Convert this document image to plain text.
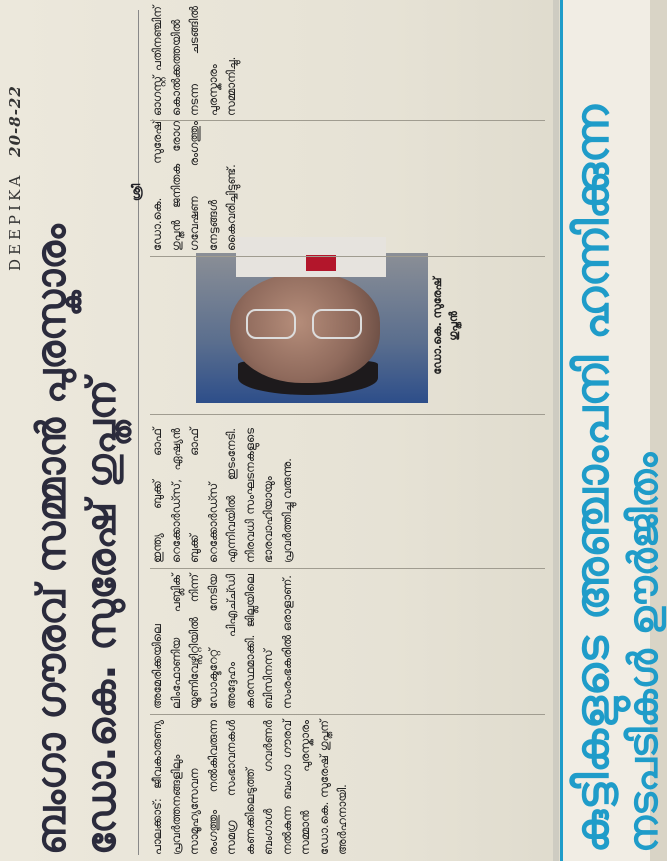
DEEPIKA 20-8-22
ബംഗാ ഗൗരവ് സമ്മാൻ പുരസ്കാരം ഡോ.കെ. സുരേഷ് ഗുപ്തന് പാലക്കാട്: ജീവകാരുണ്യ പ്രവർത്തനങ്ങളിലും സാമൂഹ്യസേവന രംഗത്തും നൽകിവരുന്ന സമഗ്ര സംഭാവനകൾ കണക്കിലെടുത്ത് ബംഗാൾ ഗവർണർ നൽകുന്ന ബംഗാ ഗൗരവ് സമ്മാൻ പുരസ്കാരം ഡോ.കെ. സുരേഷ് ഗുപ്തന് അർഹനായി.

അമേരിക്കയിലെ ലിംഫോണിയ പബ്ലിക് യൂണിവേഴ്സിറ്റിയിൽ നിന്ന് ഡോക്ടറേറ്റ് നേടിയ അദ്ദേഹം പിഎച്ച്ഡി കരസ്ഥമാക്കി. ജില്ലയിലെ ബിസിനസ് സംരംഭകരിൽ ഒരാളാണ്.

ഇന്ത്യ ബുക്ക് ഓഫ് റെക്കോർഡ്സ്, ഏഷ്യൻ ബുക്ക് ഓഫ് റെക്കോർഡ്സ് എന്നിവയിൽ ഇടംനേടി. നിരവധി സംഘടനകളുടെ ഭാരവാഹിയായും പ്രവർത്തിച്ചു വരുന്നു.

ഡോ.കെ. സുരേഷ് ഗുപ്തൻ

ഡോ.കെ. സുരേഷ് ഗുപ്തൻ ജനിതക രോഗ ഗവേഷണ രംഗത്തും നേട്ടങ്ങൾ കൈവരിച്ചിട്ടുണ്ട്.

ഓഗസ്റ്റ് പതിനഞ്ചിന് കൊൽക്കത്തയിൽ നടന്ന ചടങ്ങിൽ പുരസ്കാരം സമ്മാനിച്ചു.

ശ്രീ	കുട്ടികളുടെ അഞ്ചാംപനി ഹന്നിക്കുന്ന നടപടികൾ ഊർജിതം
